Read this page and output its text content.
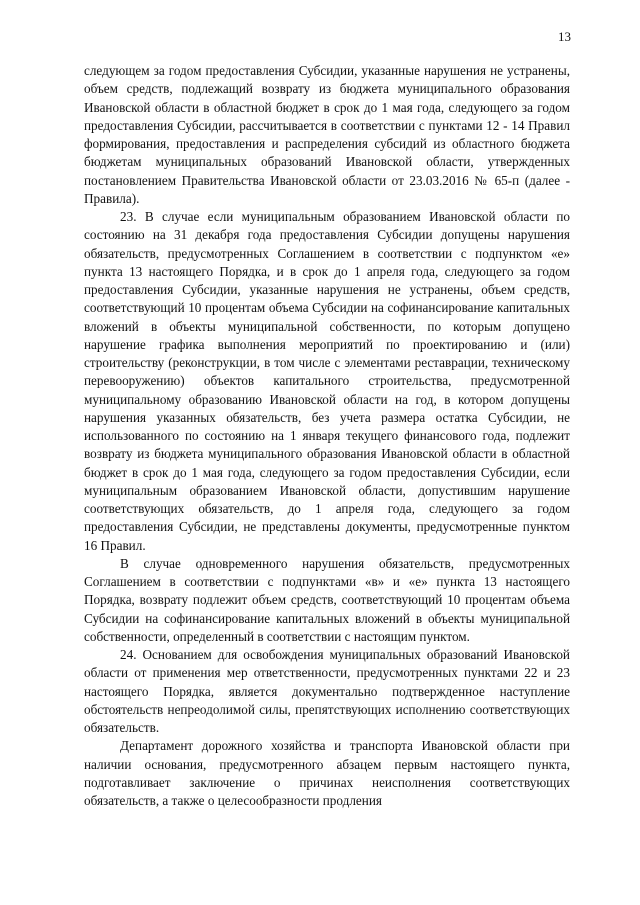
13

следующем за годом предоставления Субсидии, указанные нарушения не устранены, объем средств, подлежащий возврату из бюджета муниципального образования Ивановской области в областной бюджет в срок до 1 мая года, следующего за годом предоставления Субсидии, рассчитывается в соответствии с пунктами 12 - 14 Правил формирования, предоставления и распределения субсидий из областного бюджета бюджетам муниципальных образований Ивановской области, утвержденных постановлением Правительства Ивановской области от 23.03.2016 № 65-п (далее - Правила).

23. В случае если муниципальным образованием Ивановской области по состоянию на 31 декабря года предоставления Субсидии допущены нарушения обязательств, предусмотренных Соглашением в соответствии с подпунктом «е» пункта 13 настоящего Порядка, и в срок до 1 апреля года, следующего за годом предоставления Субсидии, указанные нарушения не устранены, объем средств, соответствующий 10 процентам объема Субсидии на софинансирование капитальных вложений в объекты муниципальной собственности, по которым допущено нарушение графика выполнения мероприятий по проектированию и (или) строительству (реконструкции, в том числе с элементами реставрации, техническому перевооружению) объектов капитального строительства, предусмотренной муниципальному образованию Ивановской области на год, в котором допущены нарушения указанных обязательств, без учета размера остатка Субсидии, не использованного по состоянию на 1 января текущего финансового года, подлежит возврату из бюджета муниципального образования Ивановской области в областной бюджет в срок до 1 мая года, следующего за годом предоставления Субсидии, если муниципальным образованием Ивановской области, допустившим нарушение соответствующих обязательств, до 1 апреля года, следующего за годом предоставления Субсидии, не представлены документы, предусмотренные пунктом 16 Правил.

В случае одновременного нарушения обязательств, предусмотренных Соглашением в соответствии с подпунктами «в» и «е» пункта 13 настоящего Порядка, возврату подлежит объем средств, соответствующий 10 процентам объема Субсидии на софинансирование капитальных вложений в объекты муниципальной собственности, определенный в соответствии с настоящим пунктом.

24. Основанием для освобождения муниципальных образований Ивановской области от применения мер ответственности, предусмотренных пунктами 22 и 23 настоящего Порядка, является документально подтвержденное наступление обстоятельств непреодолимой силы, препятствующих исполнению соответствующих обязательств.

Департамент дорожного хозяйства и транспорта Ивановской области при наличии основания, предусмотренного абзацем первым настоящего пункта, подготавливает заключение о причинах неисполнения соответствующих обязательств, а также о целесообразности продления
